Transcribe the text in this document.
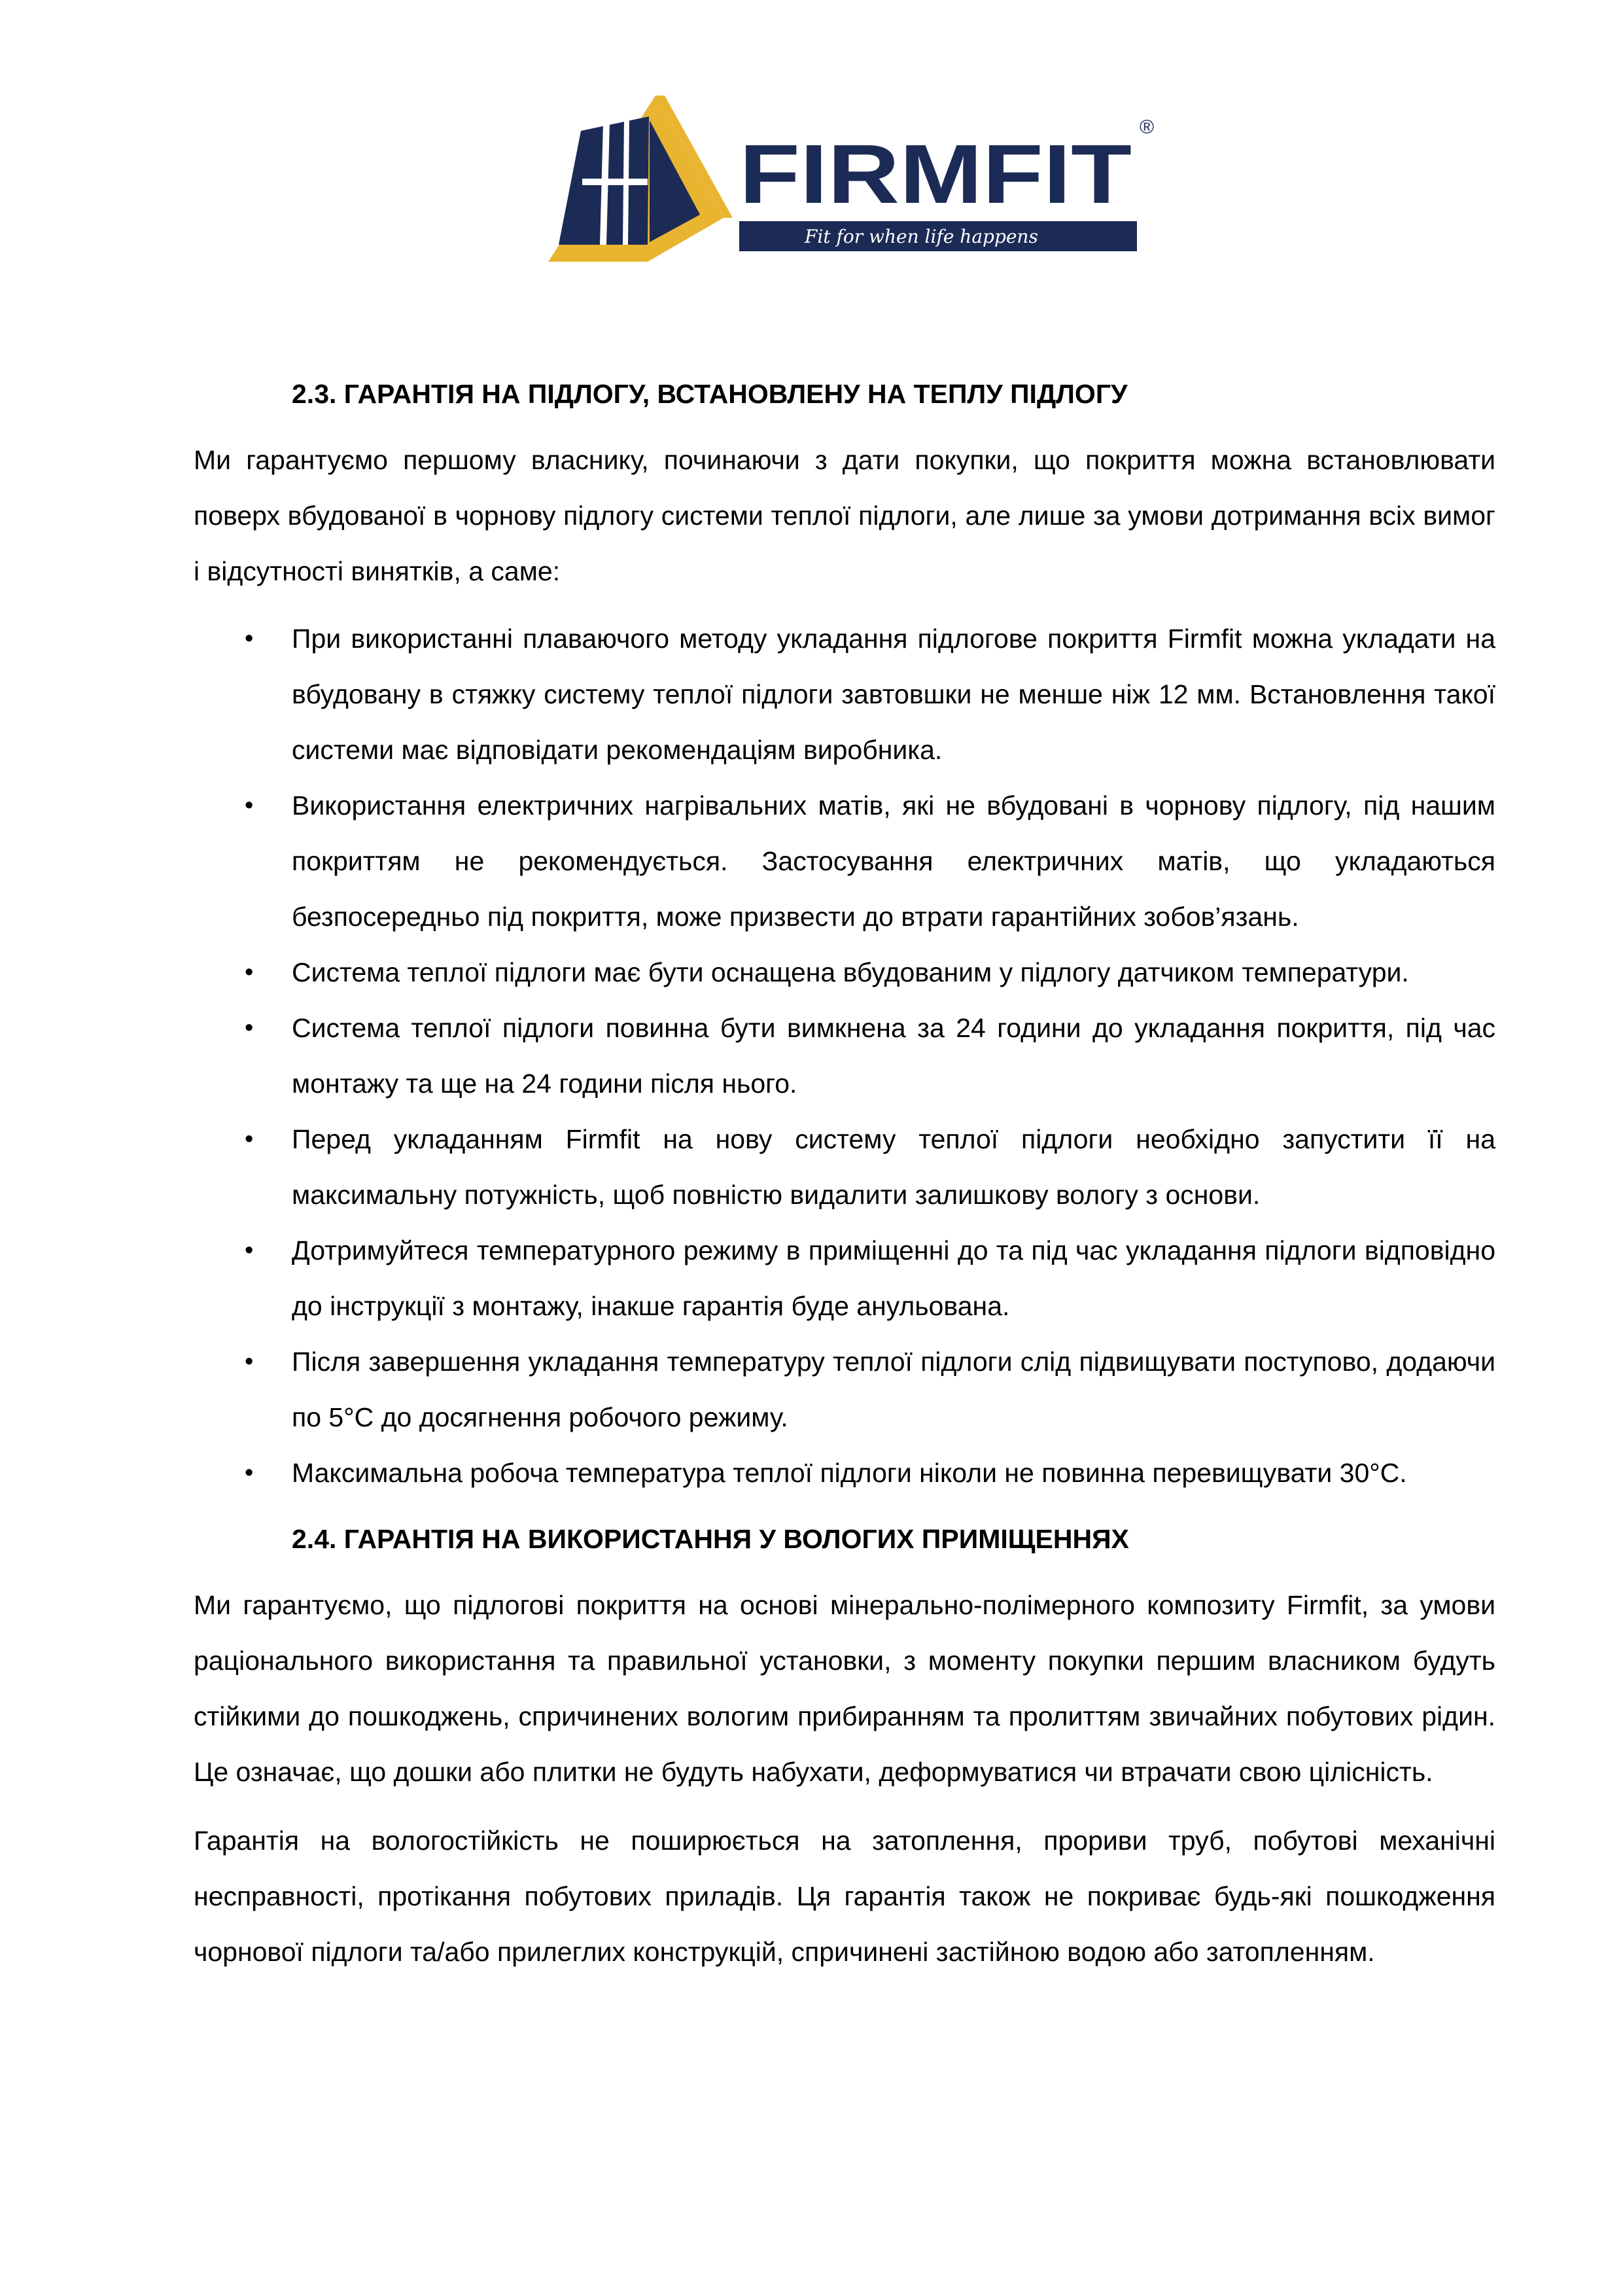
FIRMFIT
®
Fit for when life happens
2.3. ГАРАНТІЯ НА ПІДЛОГУ, ВСТАНОВЛЕНУ НА ТЕПЛУ ПІДЛОГУ

Ми гарантуємо першому власнику, починаючи з дати покупки, що покриття можна встановлювати поверх вбудованої в чорнову підлогу системи теплої підлоги, але лише за умови дотримання всіх вимог і відсутності винятків, а саме:

• При використанні плаваючого методу укладання підлогове покриття Firmfit можна укладати на вбудовану в стяжку систему теплої підлоги завтовшки не менше ніж 12 мм. Встановлення такої системи має відповідати рекомендаціям виробника.
• Використання електричних нагрівальних матів, які не вбудовані в чорнову підлогу, під нашим покриттям не рекомендується. Застосування електричних матів, що укладаються безпосередньо під покриття, може призвести до втрати гарантійних зобов’язань.
• Система теплої підлоги має бути оснащена вбудованим у підлогу датчиком температури.
• Система теплої підлоги повинна бути вимкнена за 24 години до укладання покриття, під час монтажу та ще на 24 години після нього.
• Перед укладанням Firmfit на нову систему теплої підлоги необхідно запустити її на максимальну потужність, щоб повністю видалити залишкову вологу з основи.
• Дотримуйтеся температурного режиму в приміщенні до та під час укладання підлоги відповідно до інструкції з монтажу, інакше гарантія буде анульована.
• Після завершення укладання температуру теплої підлоги слід підвищувати поступово, додаючи по 5°C до досягнення робочого режиму.
• Максимальна робоча температура теплої підлоги ніколи не повинна перевищувати 30°C.
2.4. ГАРАНТІЯ НА ВИКОРИСТАННЯ У ВОЛОГИХ ПРИМІЩЕННЯХ

Ми гарантуємо, що підлогові покриття на основі мінерально-полімерного композиту Firmfit, за умови раціонального використання та правильної установки, з моменту покупки першим власником будуть стійкими до пошкоджень, спричинених вологим прибиранням та пролиттям звичайних побутових рідин. Це означає, що дошки або плитки не будуть набухати, деформуватися чи втрачати свою цілісність.

Гарантія на вологостійкість не поширюється на затоплення, прориви труб, побутові механічні несправності, протікання побутових приладів. Ця гарантія також не покриває будь-які пошкодження чорнової підлоги та/або прилеглих конструкцій, спричинені застійною водою або затопленням.
